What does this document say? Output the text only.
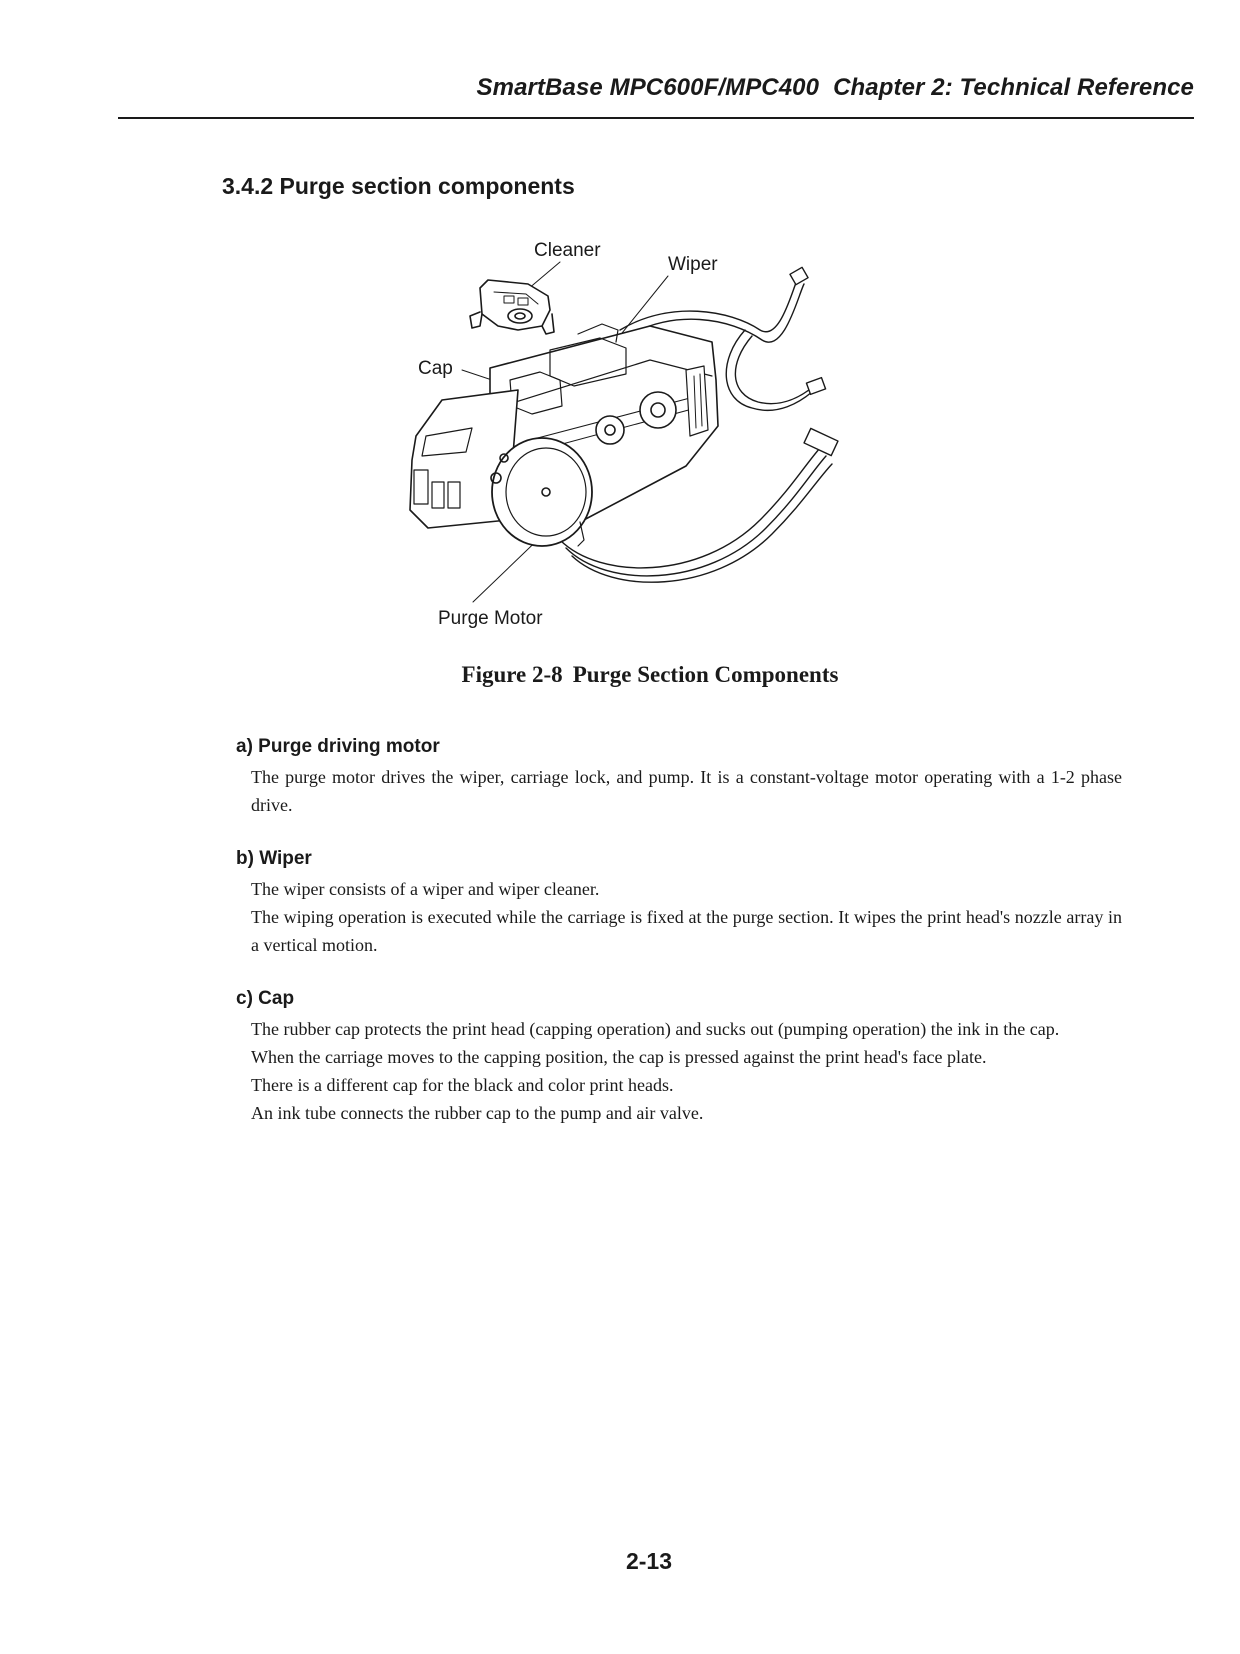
SmartBase MPC600F/MPC400 Chapter 2: Technical Reference
3.4.2 Purge section components
Cleaner
Wiper
Cap
Purge Motor
Figure 2-8 Purge Section Components
a) Purge driving motor

The purge motor drives the wiper, carriage lock, and pump. It is a constant-voltage motor operating with a 1-2 phase drive.

b) Wiper

The wiper consists of a wiper and wiper cleaner.

The wiping operation is executed while the carriage is fixed at the purge section. It wipes the print head's nozzle array in a vertical motion.

c) Cap

The rubber cap protects the print head (capping operation) and sucks out (pumping operation) the ink in the cap.

When the carriage moves to the capping position, the cap is pressed against the print head's face plate.

There is a different cap for the black and color print heads.

An ink tube connects the rubber cap to the pump and air valve.

2-13
